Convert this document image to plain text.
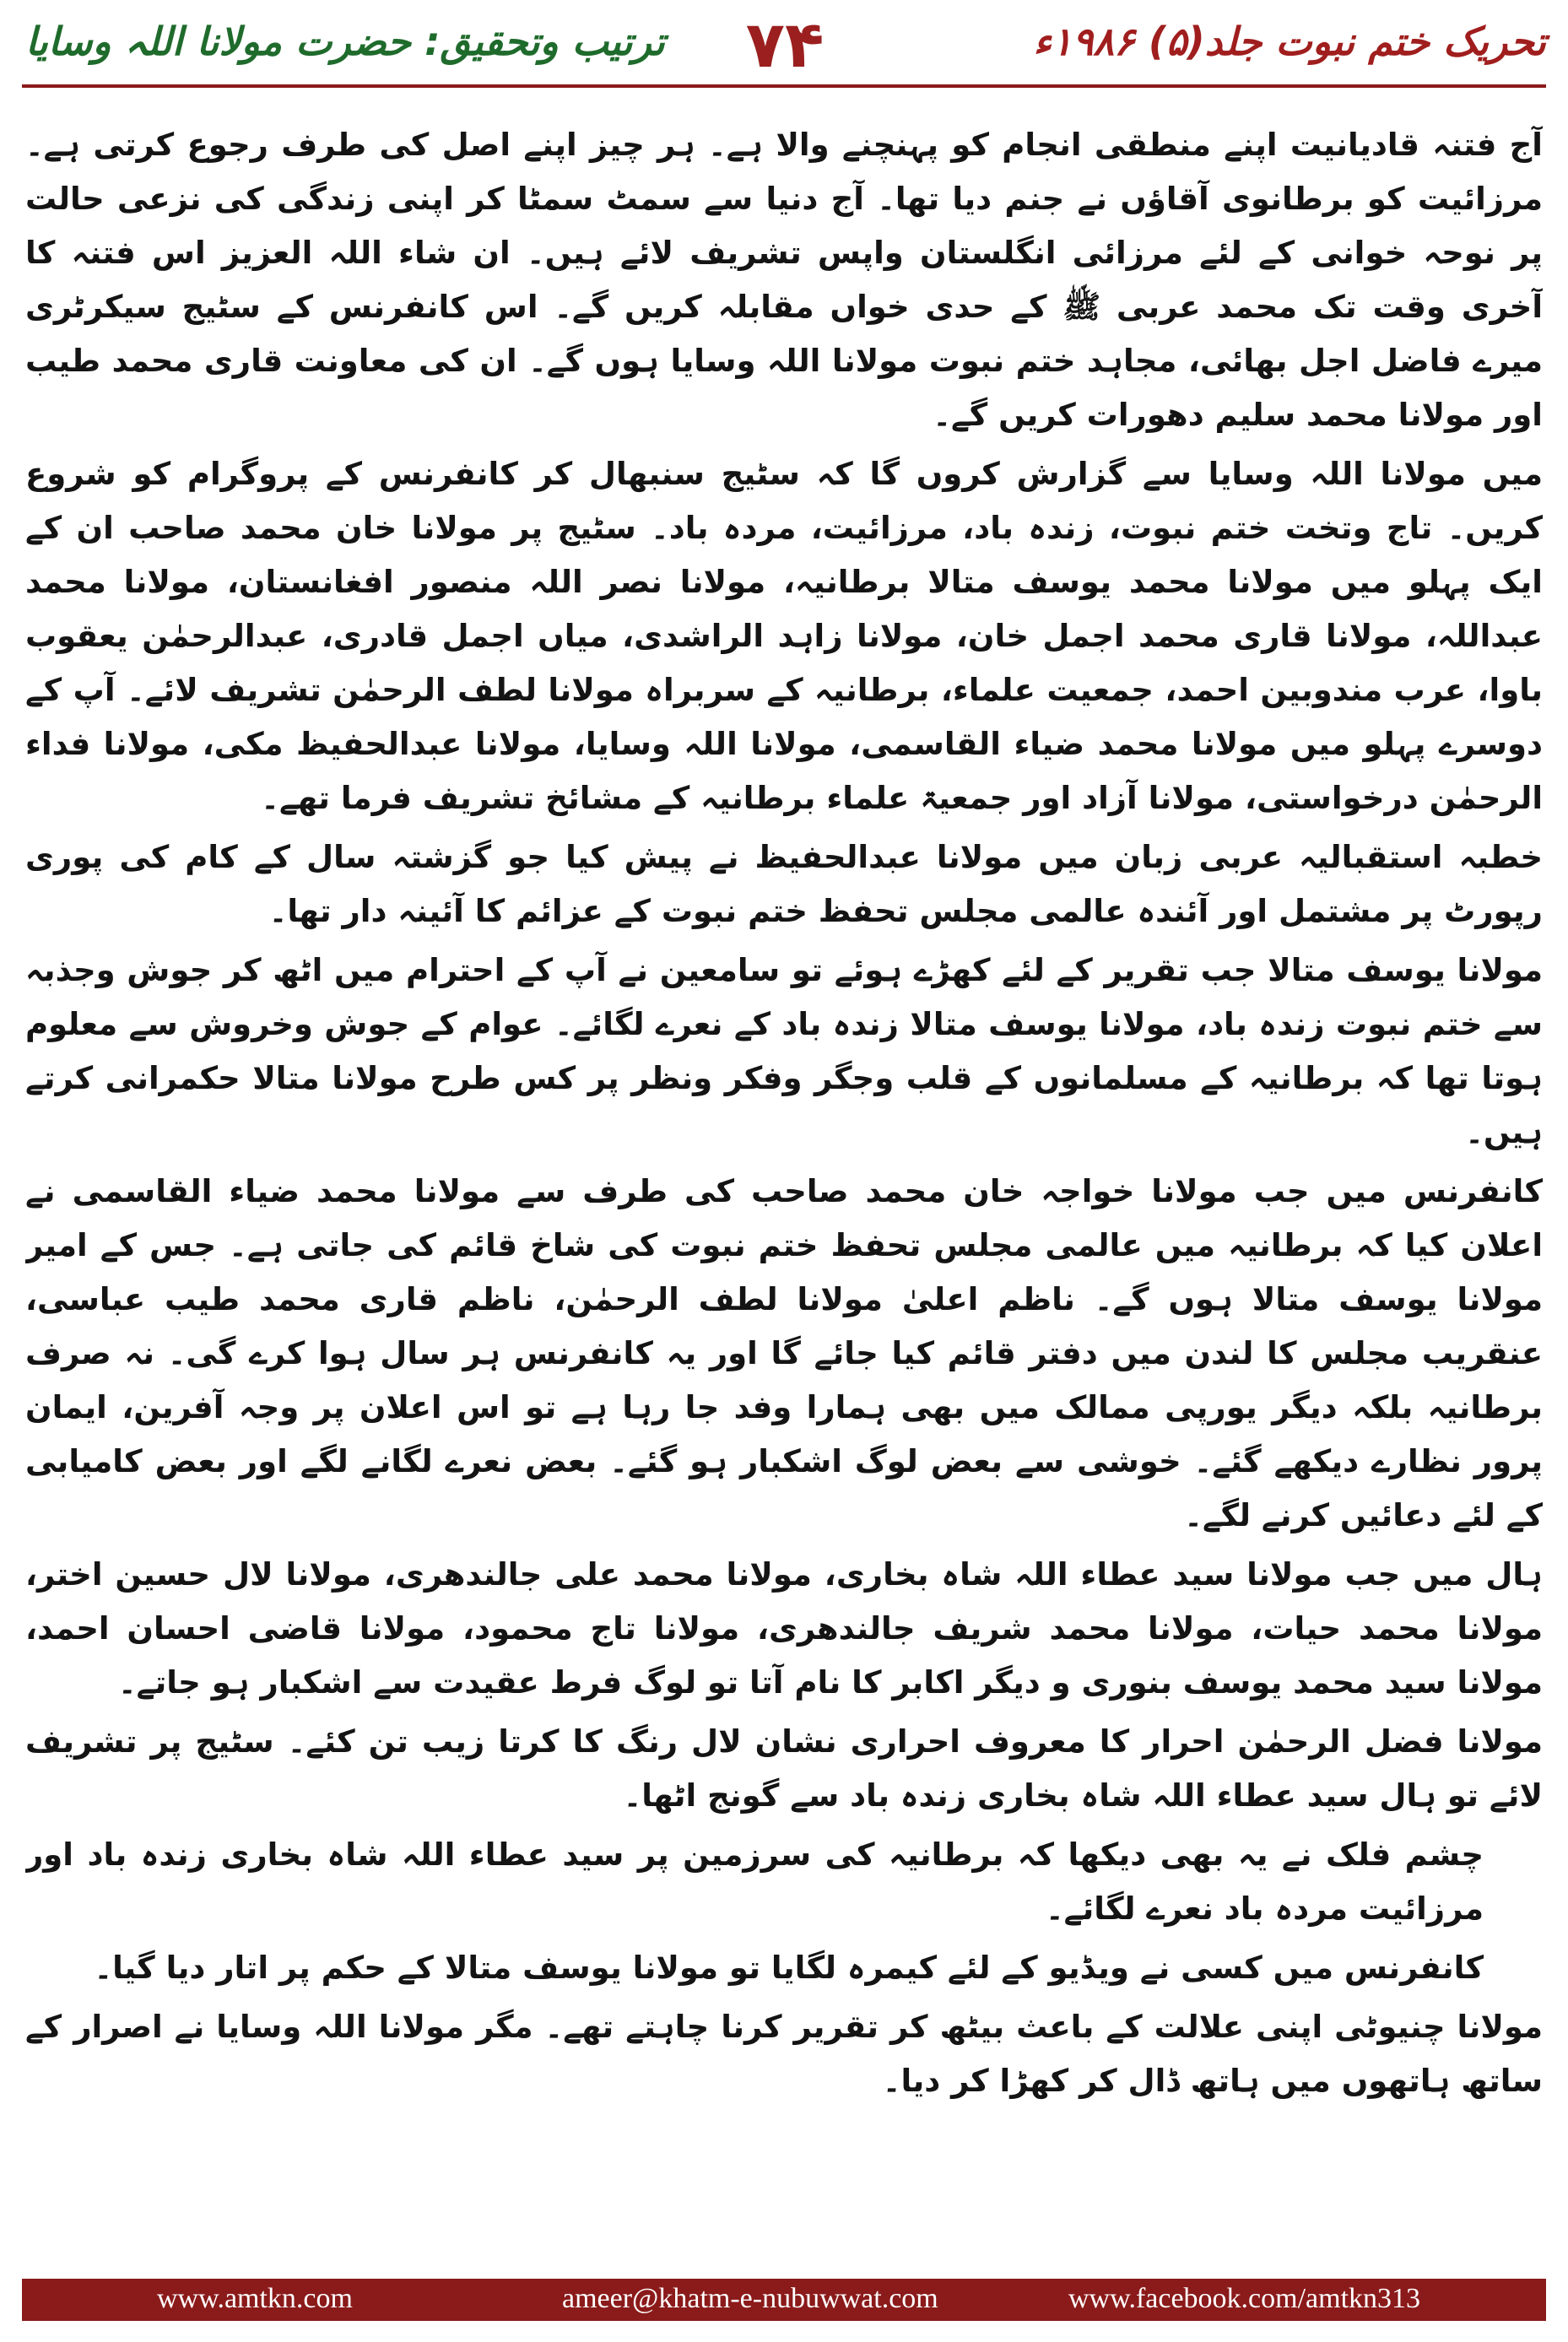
ترتیب وتحقیق: حضرت مولانا اللہ وسایا	۷۴	تحریک ختم نبوت جلد(۵) ۱۹۸۶ء

آج فتنہ قادیانیت اپنے منطقی انجام کو پہنچنے والا ہے۔ ہر چیز اپنے اصل کی طرف رجوع کرتی ہے۔ مرزائیت کو برطانوی آقاؤں نے جنم دیا تھا۔ آج دنیا سے سمٹ سمٹا کر اپنی زندگی کی نزعی حالت پر نوحہ خوانی کے لئے مرزائی انگلستان واپس تشریف لائے ہیں۔ ان شاء اللہ العزیز اس فتنہ کا آخری وقت تک محمد عربی ﷺ کے حدی خواں مقابلہ کریں گے۔ اس کانفرنس کے سٹیج سیکرٹری میرے فاضل اجل بھائی، مجاہد ختم نبوت مولانا اللہ وسایا ہوں گے۔ ان کی معاونت قاری محمد طیب اور مولانا محمد سلیم دھورات کریں گے۔

میں مولانا اللہ وسایا سے گزارش کروں گا کہ سٹیج سنبھال کر کانفرنس کے پروگرام کو شروع کریں۔ تاج وتخت ختم نبوت، زندہ باد، مرزائیت، مردہ باد۔ سٹیج پر مولانا خان محمد صاحب ان کے ایک پہلو میں مولانا محمد یوسف متالا برطانیہ، مولانا نصر اللہ منصور افغانستان، مولانا محمد عبداللہ، مولانا قاری محمد اجمل خان، مولانا زاہد الراشدی، میاں اجمل قادری، عبدالرحمٰن یعقوب باوا، عرب مندوبین احمد، جمعیت علماء، برطانیہ کے سربراہ مولانا لطف الرحمٰن تشریف لائے۔ آپ کے دوسرے پہلو میں مولانا محمد ضیاء القاسمی، مولانا اللہ وسایا، مولانا عبدالحفیظ مکی، مولانا فداء الرحمٰن درخواستی، مولانا آزاد اور جمعیۃ علماء برطانیہ کے مشائخ تشریف فرما تھے۔

خطبہ استقبالیہ عربی زبان میں مولانا عبدالحفیظ نے پیش کیا جو گزشتہ سال کے کام کی پوری رپورٹ پر مشتمل اور آئندہ عالمی مجلس تحفظ ختم نبوت کے عزائم کا آئینہ دار تھا۔

مولانا یوسف متالا جب تقریر کے لئے کھڑے ہوئے تو سامعین نے آپ کے احترام میں اٹھ کر جوش وجذبہ سے ختم نبوت زندہ باد، مولانا یوسف متالا زندہ باد کے نعرے لگائے۔ عوام کے جوش وخروش سے معلوم ہوتا تھا کہ برطانیہ کے مسلمانوں کے قلب وجگر وفکر ونظر پر کس طرح مولانا متالا حکمرانی کرتے ہیں۔

کانفرنس میں جب مولانا خواجہ خان محمد صاحب کی طرف سے مولانا محمد ضیاء القاسمی نے اعلان کیا کہ برطانیہ میں عالمی مجلس تحفظ ختم نبوت کی شاخ قائم کی جاتی ہے۔ جس کے امیر مولانا یوسف متالا ہوں گے۔ ناظم اعلیٰ مولانا لطف الرحمٰن، ناظم قاری محمد طیب عباسی، عنقریب مجلس کا لندن میں دفتر قائم کیا جائے گا اور یہ کانفرنس ہر سال ہوا کرے گی۔ نہ صرف برطانیہ بلکہ دیگر یورپی ممالک میں بھی ہمارا وفد جا رہا ہے تو اس اعلان پر وجہ آفرین، ایمان پرور نظارے دیکھے گئے۔ خوشی سے بعض لوگ اشکبار ہو گئے۔ بعض نعرے لگانے لگے اور بعض کامیابی کے لئے دعائیں کرنے لگے۔

ہال میں جب مولانا سید عطاء اللہ شاہ بخاری، مولانا محمد علی جالندھری، مولانا لال حسین اختر، مولانا محمد حیات، مولانا محمد شریف جالندھری، مولانا تاج محمود، مولانا قاضی احسان احمد، مولانا سید محمد یوسف بنوری و دیگر اکابر کا نام آتا تو لوگ فرط عقیدت سے اشکبار ہو جاتے۔

مولانا فضل الرحمٰن احرار کا معروف احراری نشان لال رنگ کا کرتا زیب تن کئے۔ سٹیج پر تشریف لائے تو ہال سید عطاء اللہ شاہ بخاری زندہ باد سے گونج اٹھا۔

چشم فلک نے یہ بھی دیکھا کہ برطانیہ کی سرزمین پر سید عطاء اللہ شاہ بخاری زندہ باد اور مرزائیت مردہ باد نعرے لگائے۔

کانفرنس میں کسی نے ویڈیو کے لئے کیمرہ لگایا تو مولانا یوسف متالا کے حکم پر اتار دیا گیا۔

مولانا چنیوٹی اپنی علالت کے باعث بیٹھ کر تقریر کرنا چاہتے تھے۔ مگر مولانا اللہ وسایا نے اصرار کے ساتھ ہاتھوں میں ہاتھ ڈال کر کھڑا کر دیا۔

www.amtkn.com	ameer@khatm-e-nubuwwat.com	www.facebook.com/amtkn313
